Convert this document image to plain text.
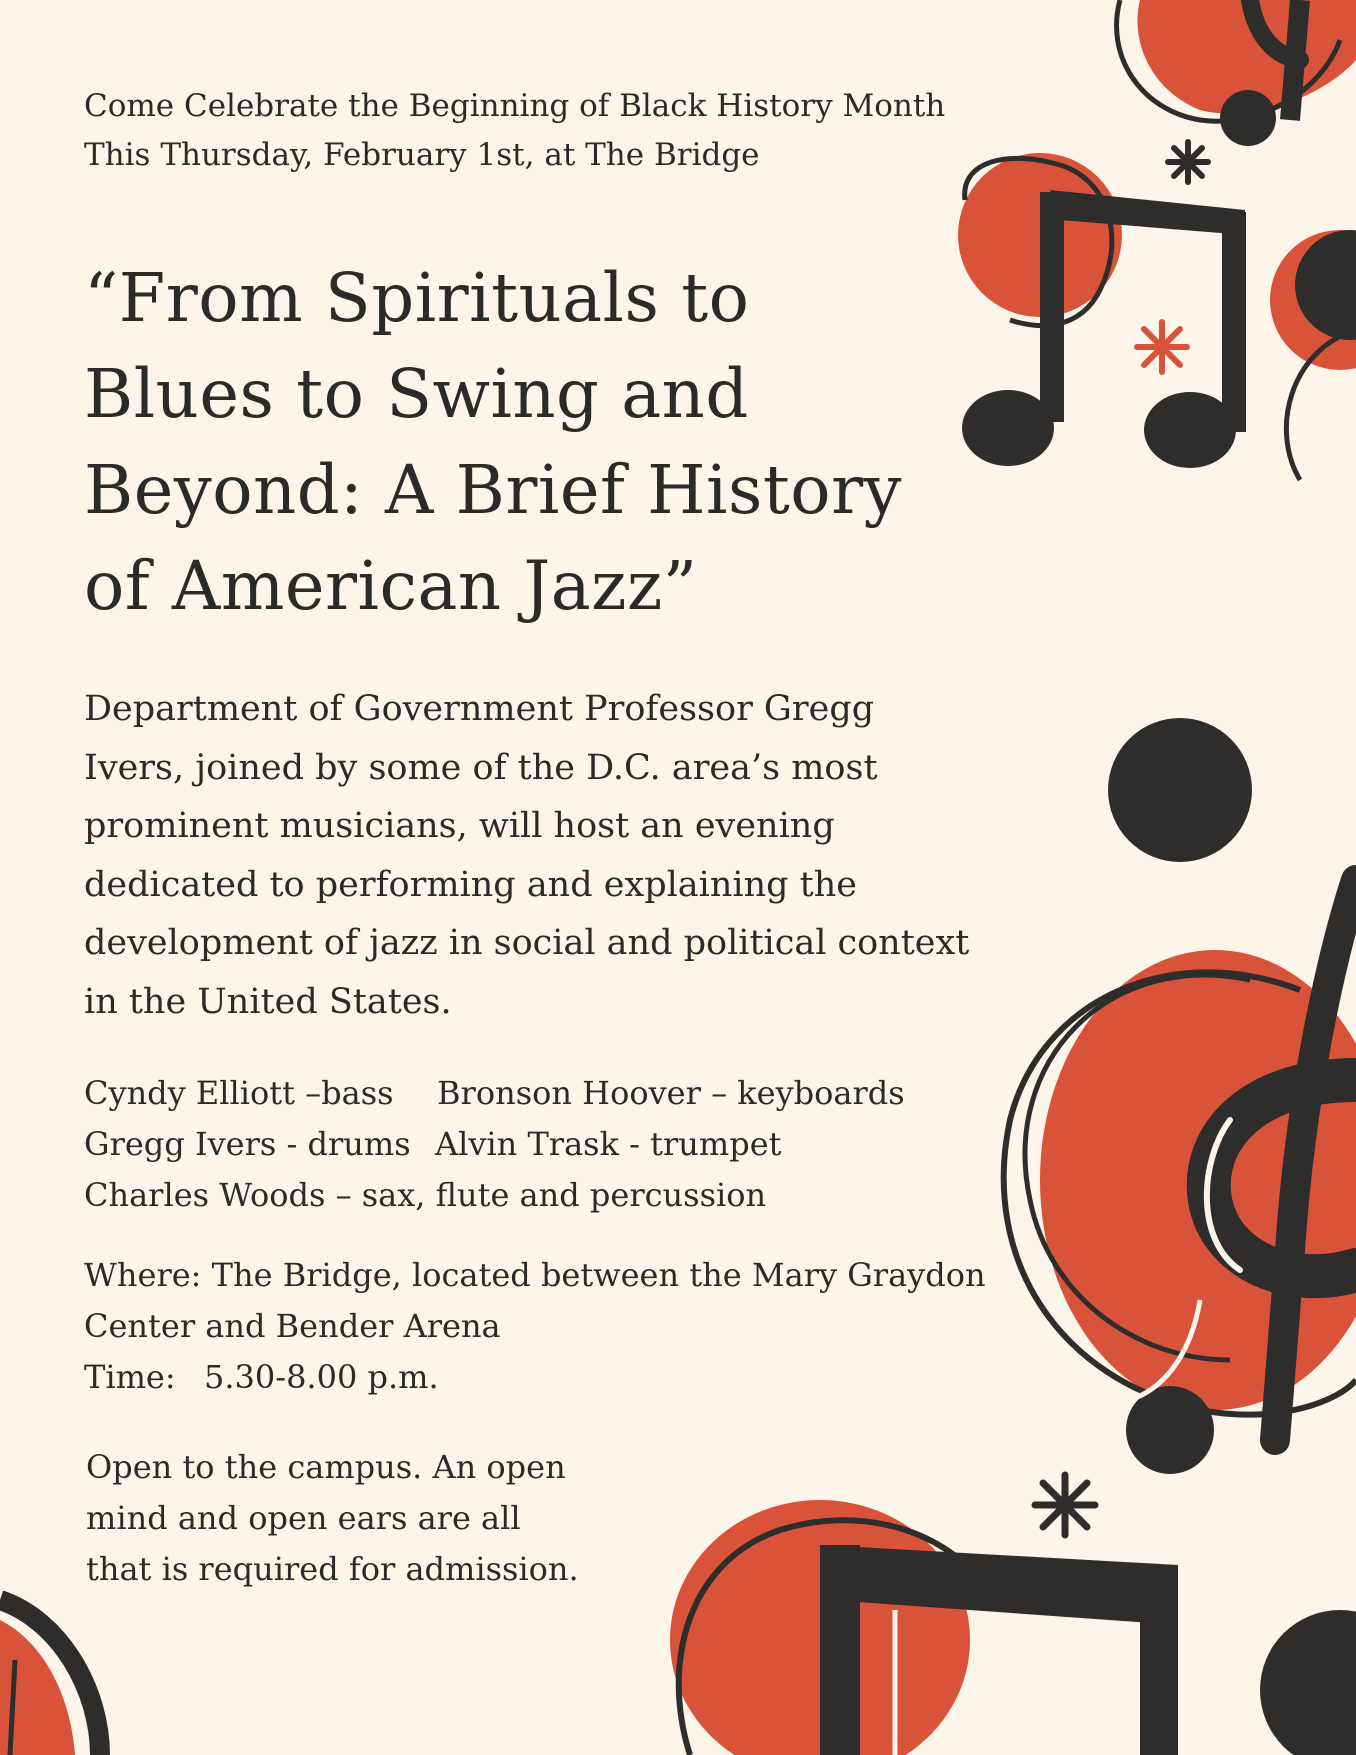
Come Celebrate the Beginning of Black History Month
This Thursday, February 1st, at The Bridge
“From Spirituals to
Blues to Swing and
Beyond: A Brief History
of American Jazz”
Department of Government Professor Gregg
Ivers, joined by some of the D.C. area’s most
prominent musicians, will host an evening
dedicated to performing and explaining the
development of jazz in social and political context
in the United States.
Cyndy Elliott –bass Bronson Hoover – keyboards
Gregg Ivers - drums Alvin Trask - trumpet
Charles Woods – sax, flute and percussion
Where: The Bridge, located between the Mary Graydon
Center and Bender Arena
Time: 5.30-8.00 p.m.
Open to the campus. An open
mind and open ears are all
that is required for admission.
